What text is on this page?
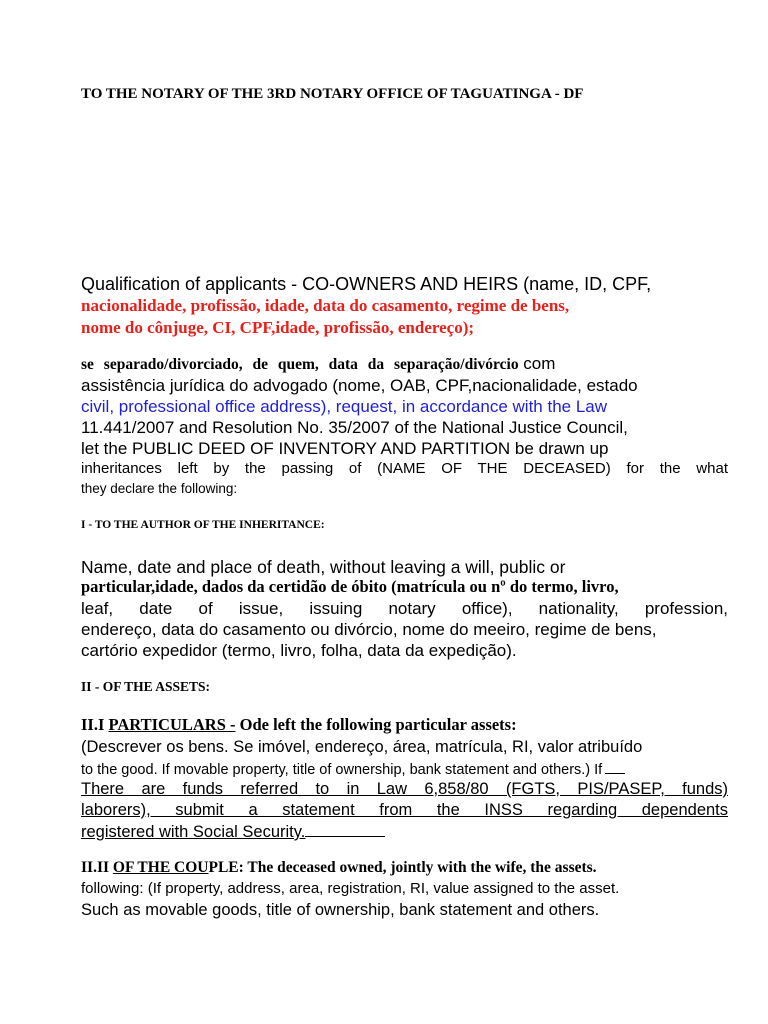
TO THE NOTARY OF THE 3RD NOTARY OFFICE OF TAGUATINGA - DF

Qualification of applicants - CO-OWNERS AND HEIRS (name, ID, CPF,

nacionalidade, profissão, idade, data do casamento, regime de bens,

nome do cônjuge, CI, CPF,idade, profissão, endereço);

se separado/divorciado, de quem, data da separação/divórcio com

assistência jurídica do advogado (nome, OAB, CPF,nacionalidade, estado

civil, professional office address), request, in accordance with the Law

11.441/2007 and Resolution No. 35/2007 of the National Justice Council,

let the PUBLIC DEED OF INVENTORY AND PARTITION be drawn up

inheritances left by the passing of (NAME OF THE DECEASED) for the what

they declare the following:

I - TO THE AUTHOR OF THE INHERITANCE:

Name, date and place of death, without leaving a will, public or

particular,idade, dados da certidão de óbito (matrícula ou nº do termo, livro,

leaf, date of issue, issuing notary office), nationality, profession,

endereço, data do casamento ou divórcio, nome do meeiro, regime de bens,

cartório expedidor (termo, livro, folha, data da expedição).

II - OF THE ASSETS:

II.I PARTICULARS - Ode left the following particular assets:

(Descrever os bens. Se imóvel, endereço, área, matrícula, RI, valor atribuído

to the good. If movable property, title of ownership, bank statement and others.) If

There are funds referred to in Law 6,858/80 (FGTS, PIS/PASEP, funds)

laborers), submit a statement from the INSS regarding dependents

registered with Social Security.

II.II OF THE COUPLE: The deceased owned, jointly with the wife, the assets.

following: (If property, address, area, registration, RI, value assigned to the asset.

Such as movable goods, title of ownership, bank statement and others.
